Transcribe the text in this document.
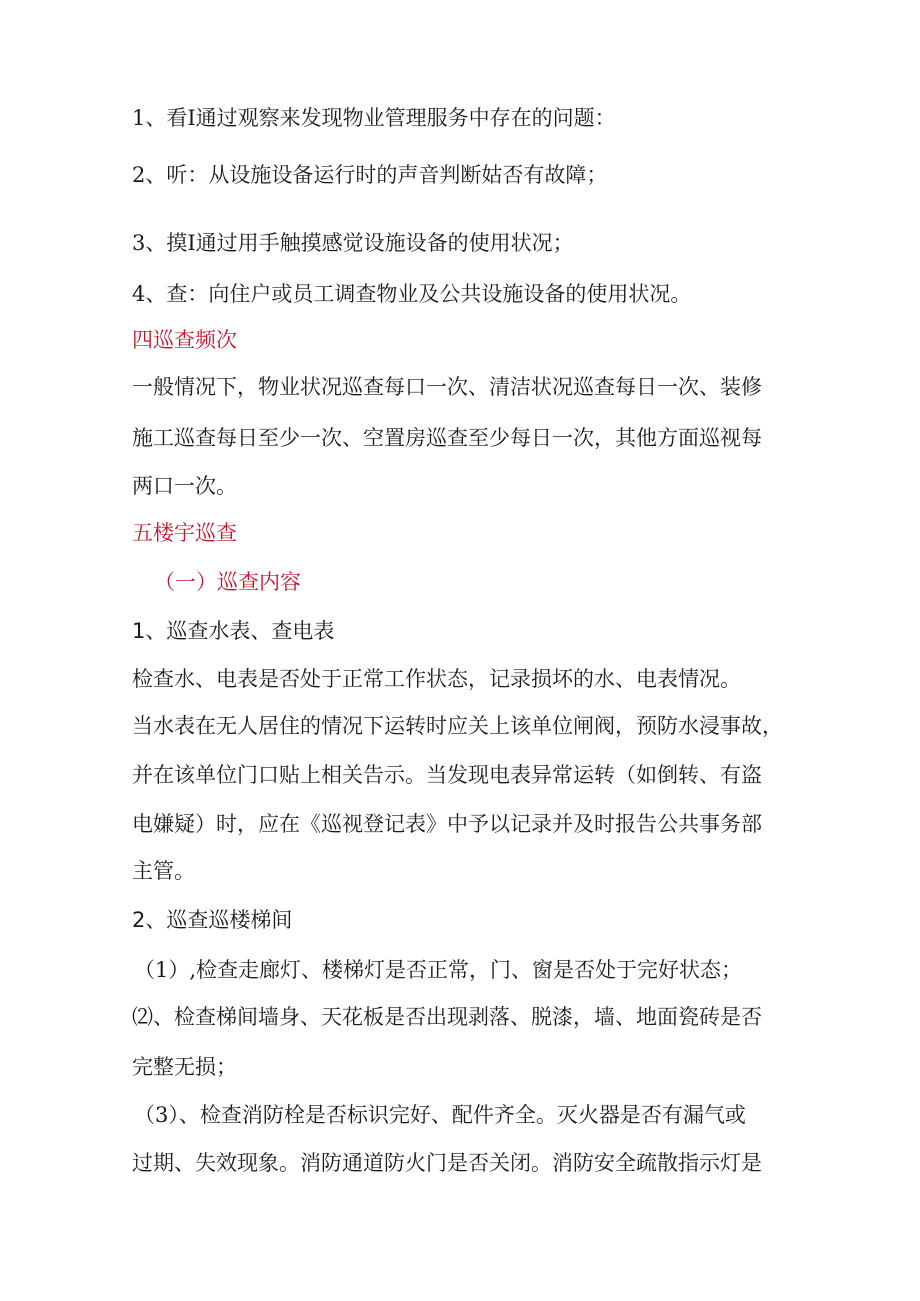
1、看I通过观察来发现物业管理服务中存在的问题：
2、听：从设施设备运行时的声音判断姑否有故障；
3、摸I通过用手触摸感觉设施设备的使用状况；
4、查：向住户或员工调查物业及公共设施设备的使用状况。
四巡查频次
一般情况下，物业状况巡查每口一次、清洁状况巡查每日一次、装修
施工巡查每日至少一次、空置房巡查至少每日一次，其他方面巡视每
两口一次。
五楼宇巡查
（一）巡查内容
1、巡查水表、查电表
检查水、电表是否处于正常工作状态，记录损坏的水、电表情况。
当水表在无人居住的情况下运转时应关上该单位闸阀，预防水浸事故，
并在该单位门口贴上相关告示。当发现电表异常运转（如倒转、有盗
电嫌疑）时，应在《巡视登记表》中予以记录并及时报告公共事务部
主管。
2、巡查巡楼梯间
（1）,检查走廊灯、楼梯灯是否正常，门、窗是否处于完好状态；
⑵、检查梯间墙身、天花板是否出现剥落、脱漆，墙、地面瓷砖是否
完整无损；
（3）、检查消防栓是否标识完好、配件齐全。灭火器是否有漏气或
过期、失效现象。消防通道防火门是否关闭。消防安全疏散指示灯是
